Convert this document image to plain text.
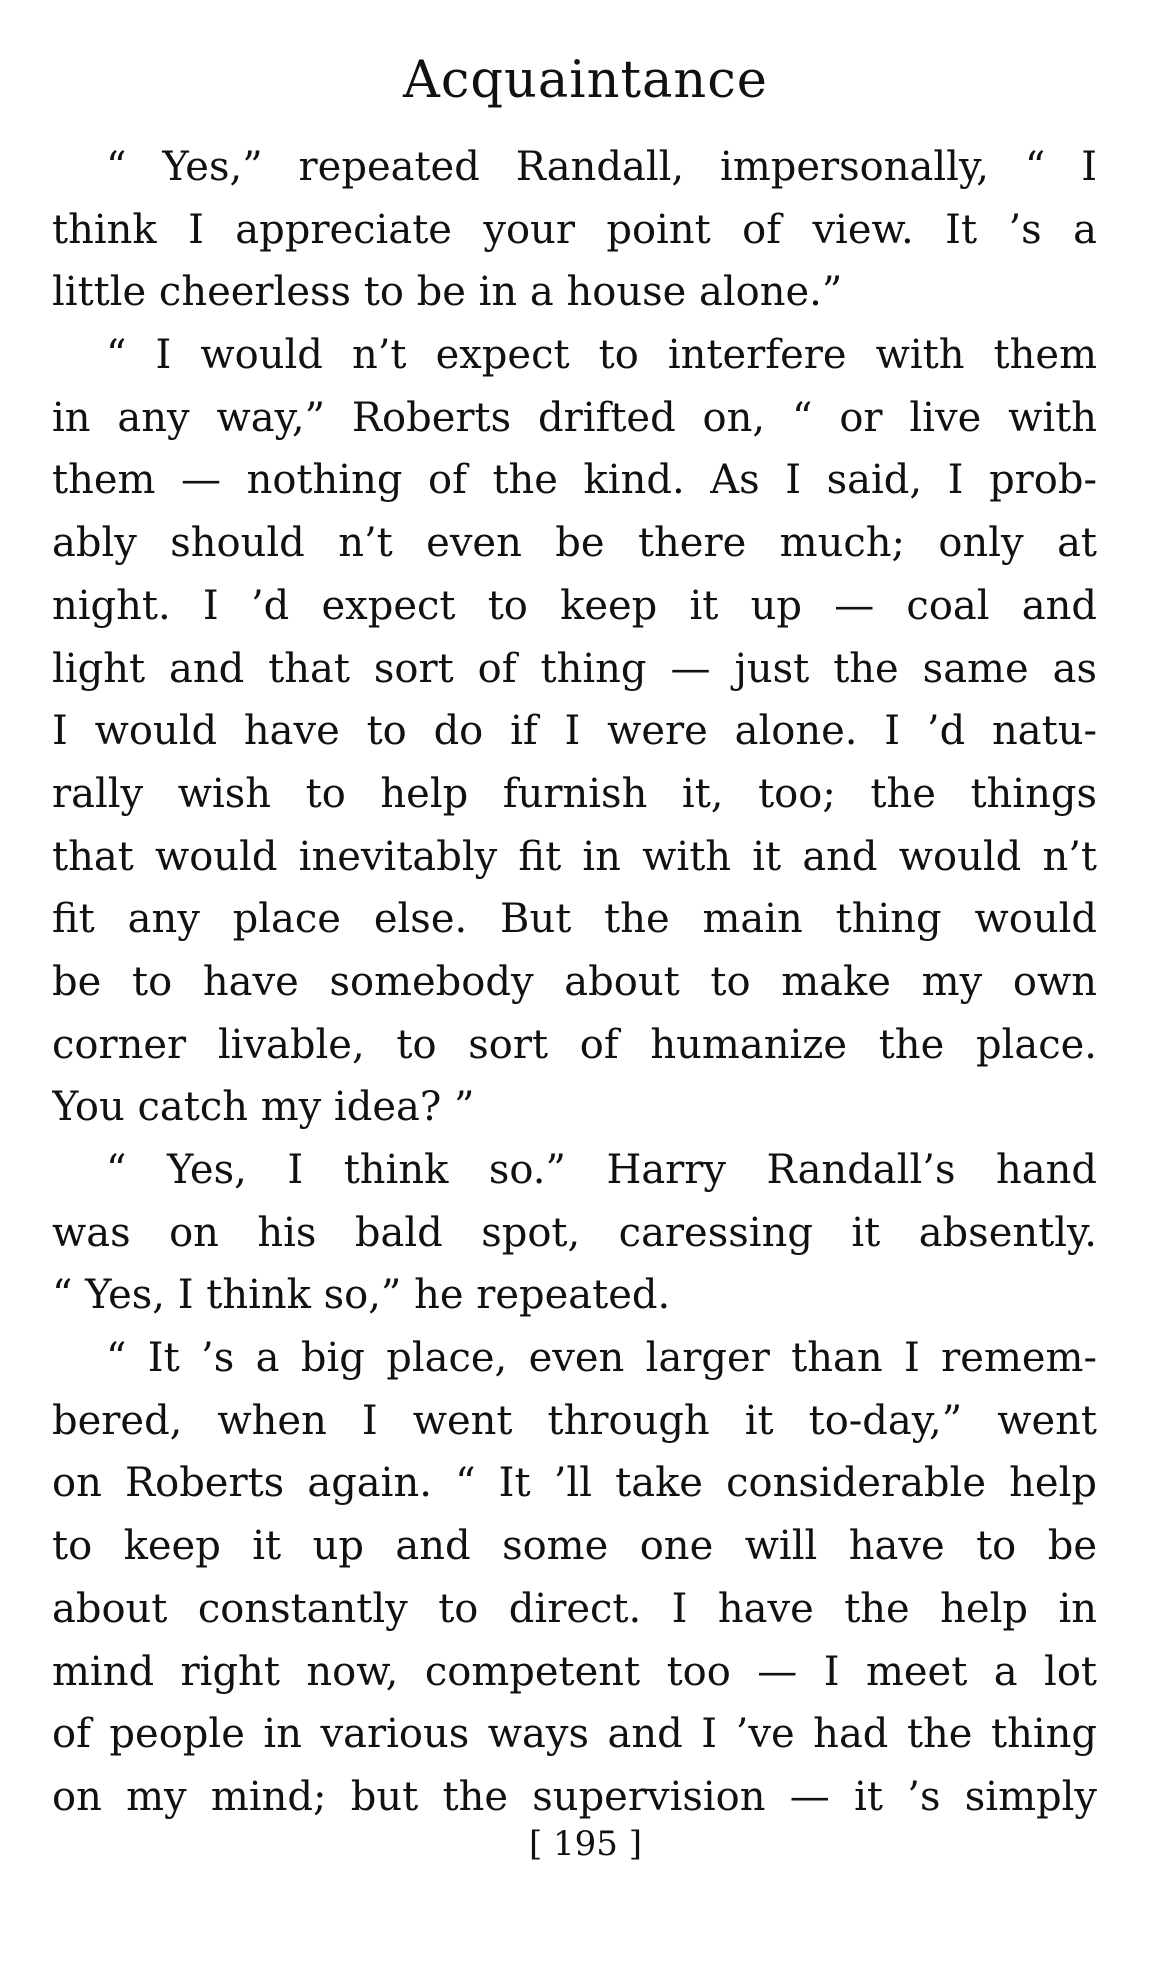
Acquaintance
“ Yes,” repeated Randall, impersonally, “ I
think I appreciate your point of view. It ’s a
little cheerless to be in a house alone.”
“ I would n’t expect to interfere with them
in any way,” Roberts drifted on, “ or live with
them — nothing of the kind. As I said, I prob-
ably should n’t even be there much; only at
night. I ’d expect to keep it up — coal and
light and that sort of thing — just the same as
I would have to do if I were alone. I ’d natu-
rally wish to help furnish it, too; the things
that would inevitably fit in with it and would n’t
fit any place else. But the main thing would
be to have somebody about to make my own
corner livable, to sort of humanize the place.
You catch my idea? ”
“ Yes, I think so.” Harry Randall’s hand
was on his bald spot, caressing it absently.
“ Yes, I think so,” he repeated.
“ It ’s a big place, even larger than I remem-
bered, when I went through it to-day,” went
on Roberts again. “ It ’ll take considerable help
to keep it up and some one will have to be
about constantly to direct. I have the help in
mind right now, competent too — I meet a lot
of people in various ways and I ’ve had the thing
on my mind; but the supervision — it ’s simply
[ 195 ]
